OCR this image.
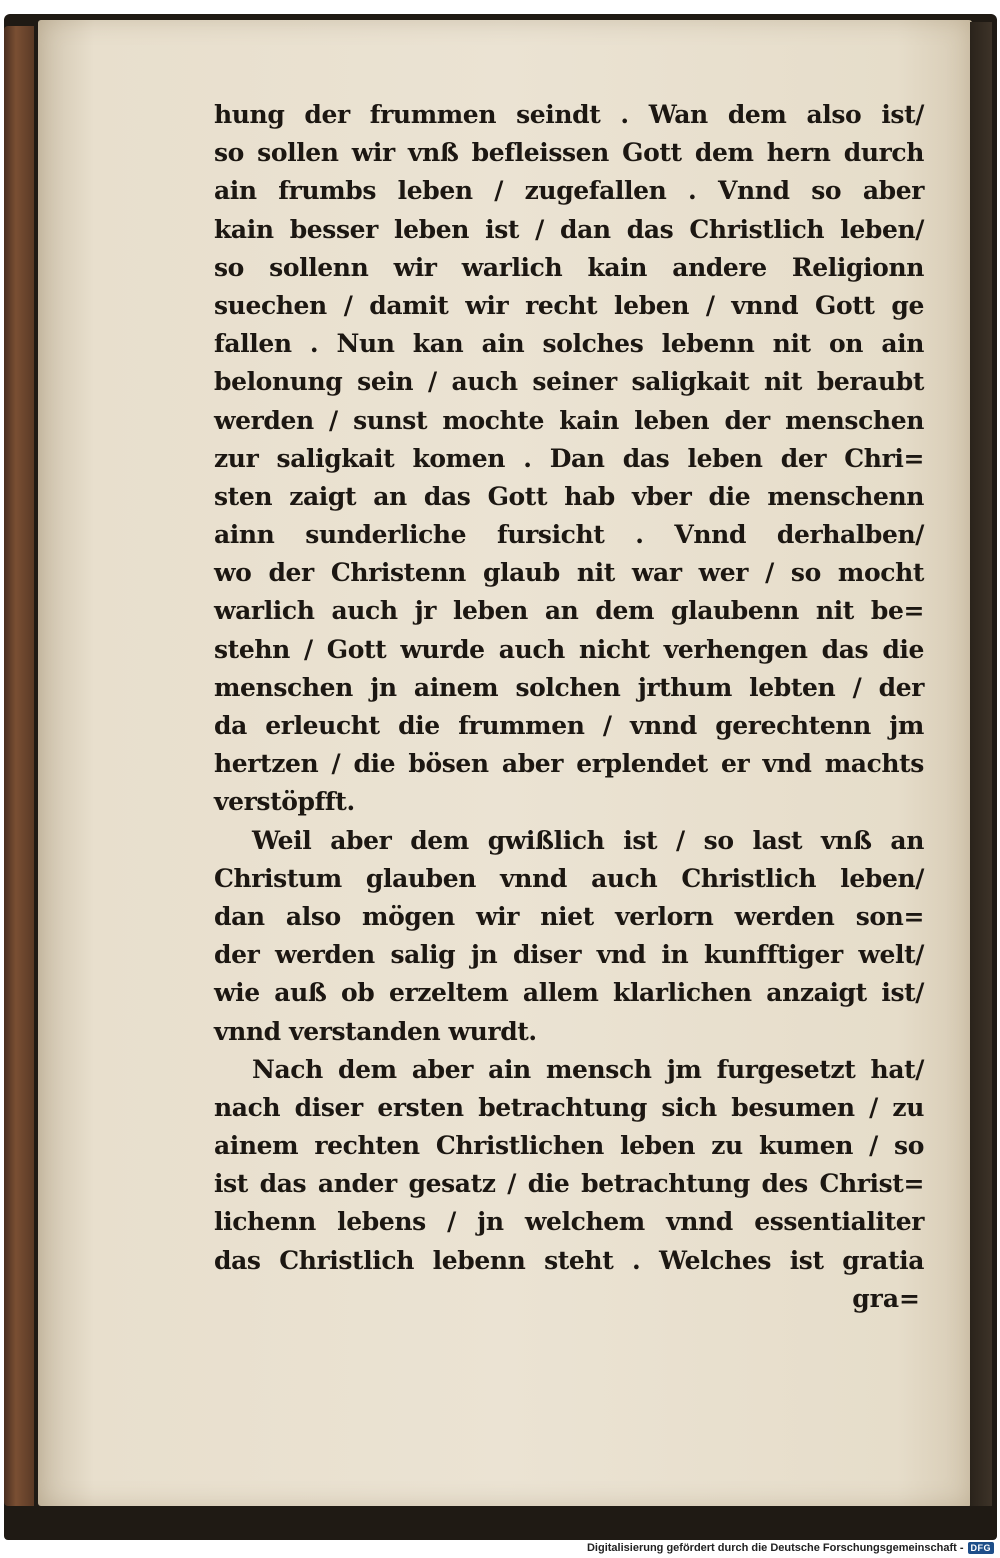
hung der frummen seindt . Wan dem also ist/
so sollen wir vnß befleissen Gott dem hern durch
ain frumbs leben / zugefallen . Vnnd so aber
kain besser leben ist / dan das Christlich leben/
so sollenn wir warlich kain andere Religionn
suechen / damit wir recht leben / vnnd Gott ge
fallen . Nun kan ain solches lebenn nit on ain
belonung sein / auch seiner saligkait nit beraubt
werden / sunst mochte kain leben der menschen
zur saligkait komen . Dan das leben der Chri=
sten zaigt an das Gott hab vber die menschenn
ainn sunderliche fursicht . Vnnd derhalben/
wo der Christenn glaub nit war wer / so mocht
warlich auch jr leben an dem glaubenn nit be=
stehn / Gott wurde auch nicht verhengen das die
menschen jn ainem solchen jrthum lebten / der
da erleucht die frummen / vnnd gerechtenn jm
hertzen / die bösen aber erplendet er vnd machts
verstöpfft.
Weil aber dem gwißlich ist / so last vnß an
Christum glauben vnnd auch Christlich leben/
dan also mögen wir niet verlorn werden son=
der werden salig jn diser vnd in kunfftiger welt/
wie auß ob erzeltem allem klarlichen anzaigt ist/
vnnd verstanden wurdt.
Nach dem aber ain mensch jm furgesetzt hat/
nach diser ersten betrachtung sich besumen / zu
ainem rechten Christlichen leben zu kumen / so
ist das ander gesatz / die betrachtung des Christ=
lichenn lebens / jn welchem vnnd essentialiter
das Christlich lebenn steht . Welches ist gratia
gra=
Digitalisierung gefördert durch die Deutsche Forschungsgemeinschaft - DFG
